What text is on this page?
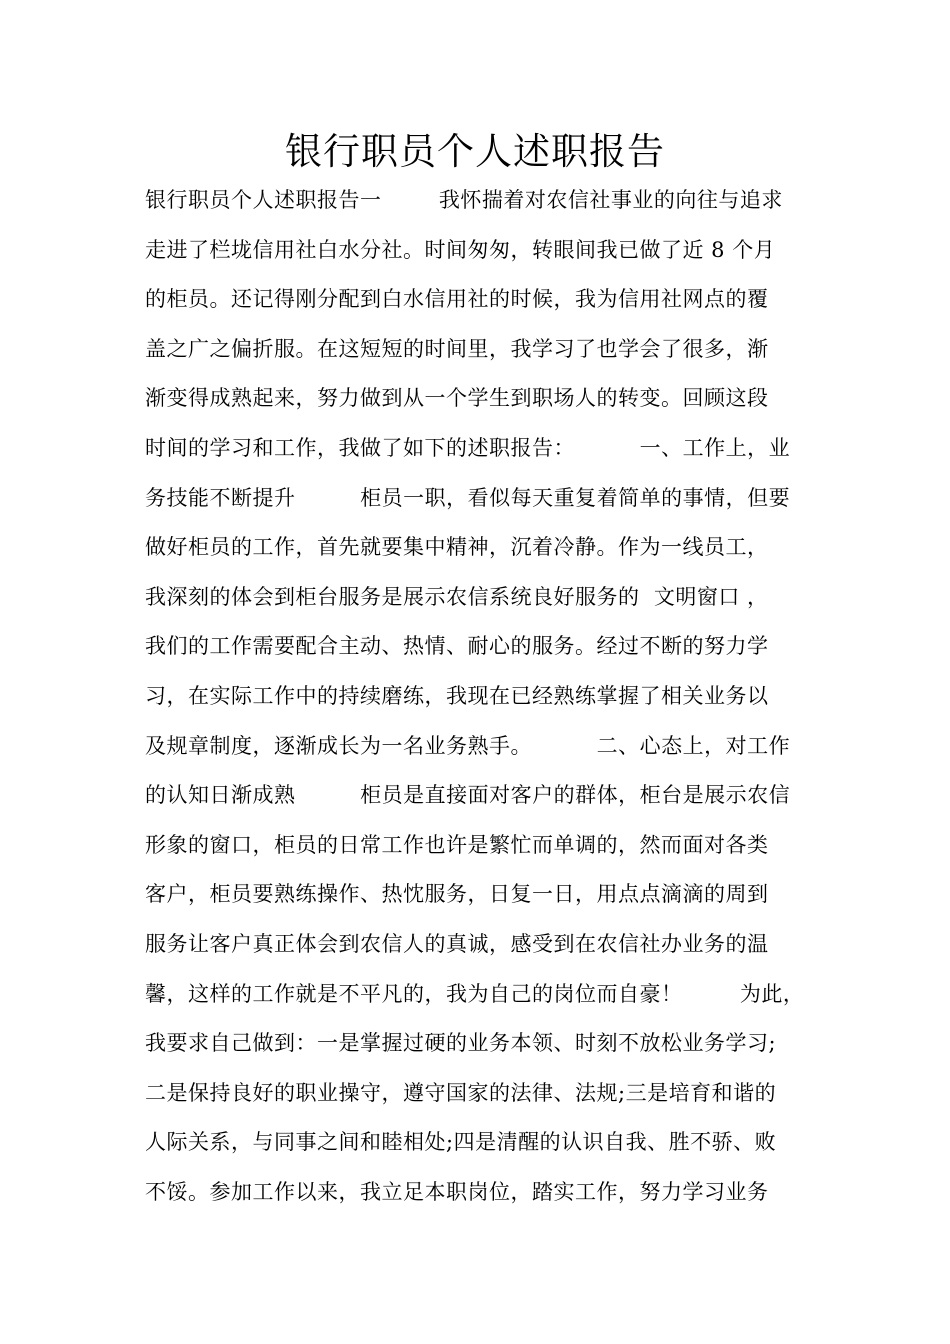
银行职员个人述职报告
银行职员个人述职报告一        我怀揣着对农信社事业的向往与追求
走进了栏垅信用社白水分社。时间匆匆，转眼间我已做了近 8 个月
的柜员。还记得刚分配到白水信用社的时候，我为信用社网点的覆
盖之广之偏折服。在这短短的时间里，我学习了也学会了很多，渐
渐变得成熟起来，努力做到从一个学生到职场人的转变。回顾这段
时间的学习和工作，我做了如下的述职报告：         一、工作上，业
务技能不断提升         柜员一职，看似每天重复着简单的事情，但要
做好柜员的工作，首先就要集中精神，沉着冷静。作为一线员工，
我深刻的体会到柜台服务是展示农信系统良好服务的  文明窗口 ，
我们的工作需要配合主动、热情、耐心的服务。经过不断的努力学
习，在实际工作中的持续磨练，我现在已经熟练掌握了相关业务以
及规章制度，逐渐成长为一名业务熟手。         二、心态上，对工作
的认知日渐成熟         柜员是直接面对客户的群体，柜台是展示农信
形象的窗口，柜员的日常工作也许是繁忙而单调的，然而面对各类
客户，柜员要熟练操作、热忱服务，日复一日，用点点滴滴的周到
服务让客户真正体会到农信人的真诚，感受到在农信社办业务的温
馨，这样的工作就是不平凡的，我为自己的岗位而自豪！        为此，
我要求自己做到：一是掌握过硬的业务本领、时刻不放松业务学习;
二是保持良好的职业操守，遵守国家的法律、法规;三是培育和谐的
人际关系，与同事之间和睦相处;四是清醒的认识自我、胜不骄、败
不馁。参加工作以来，我立足本职岗位，踏实工作，努力学习业务
